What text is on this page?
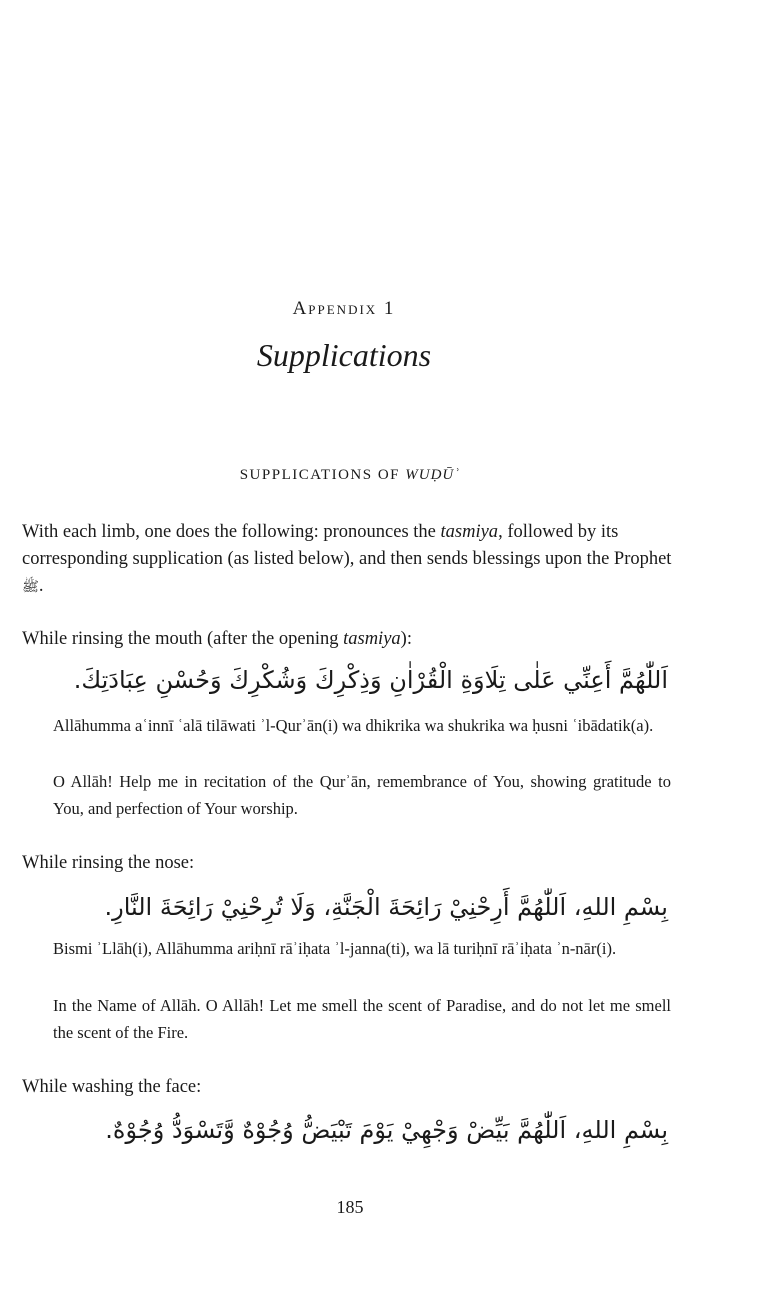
Appendix 1
Supplications
SUPPLICATIONS OF WUḌŪʾ
With each limb, one does the following: pronounces the tasmiya, followed by its corresponding supplication (as listed below), and then sends blessings upon the Prophet ﷺ.
While rinsing the mouth (after the opening tasmiya):
اَللّٰهُمَّ أَعِنِّي عَلٰى تِلَاوَةِ الْقُرْاٰنِ وَذِكْرِكَ وَشُكْرِكَ وَحُسْنِ عِبَادَتِكَ.
Allāhumma aʿinnī ʿalā tilāwati ʾl-Qurʾān(i) wa dhikrika wa shukrika wa ḥusni ʿibādatik(a).
O Allāh! Help me in recitation of the Qurʾān, remembrance of You, showing gratitude to You, and perfection of Your worship.
While rinsing the nose:
بِسْمِ اللهِ، اَللّٰهُمَّ أَرِحْنِيْ رَائِحَةَ الْجَنَّةِ، وَلَا تُرِحْنِيْ رَائِحَةَ النَّارِ.
Bismi ʾLlāh(i), Allāhumma ariḥnī rāʾiḥata ʾl-janna(ti), wa lā turiḥnī rāʾiḥata ʾn-nār(i).
In the Name of Allāh. O Allāh! Let me smell the scent of Paradise, and do not let me smell the scent of the Fire.
While washing the face:
بِسْمِ اللهِ، اَللّٰهُمَّ بَيِّضْ وَجْهِيْ يَوْمَ تَبْيَضُّ وُجُوْهٌ وَّتَسْوَدُّ وُجُوْهٌ.
185
